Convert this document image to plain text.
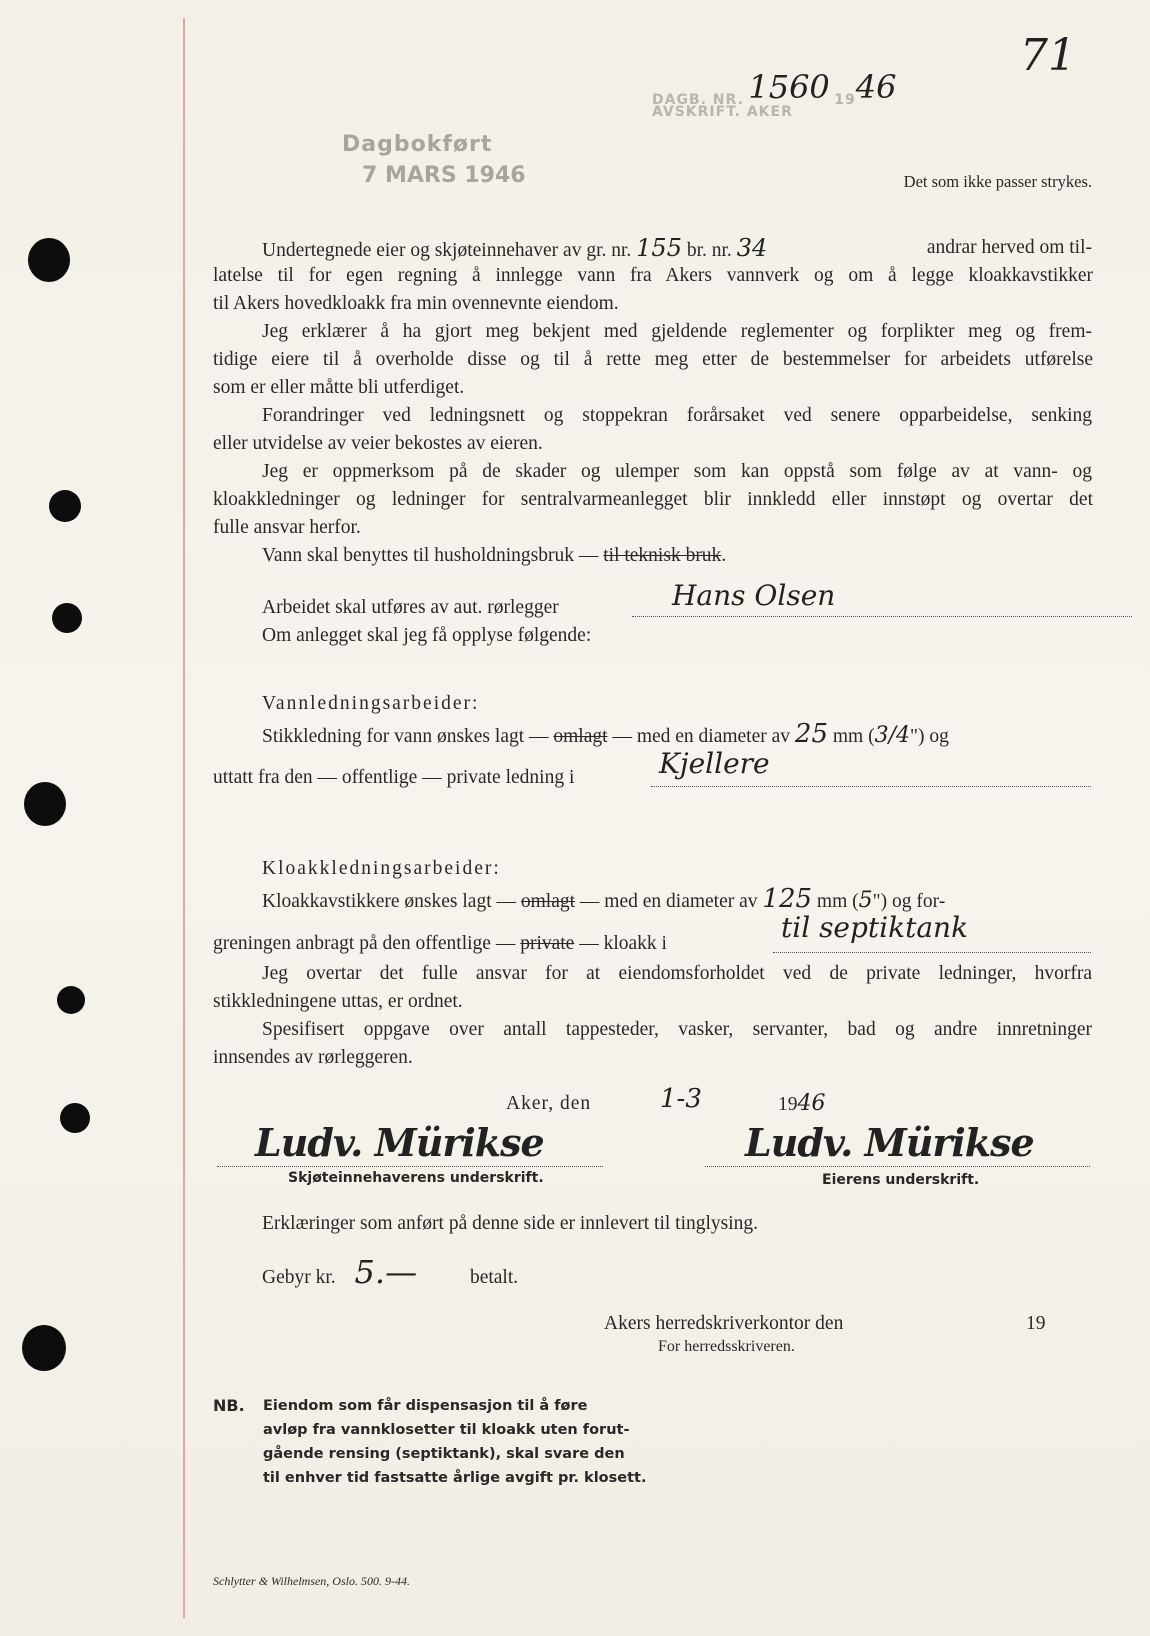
71
DAGB. NR. 1560 1946
AVSKRIFT. AKER
Dagbokført
7 MARS 1946	Det som ikke passer strykes.
Undertegnede eier og skjøteinnehaver av gr. nr. 155 br. nr. 34	andrar herved om til-
latelse til for egen regning å innlegge vann fra Akers vannverk og om å legge kloakkavstikker
til Akers hovedkloakk fra min ovennevnte eiendom.
Jeg erklærer å ha gjort meg bekjent med gjeldende reglementer og forplikter meg og frem-
tidige eiere til å overholde disse og til å rette meg etter de bestemmelser for arbeidets utførelse
som er eller måtte bli utferdiget.
Forandringer ved ledningsnett og stoppekran forårsaket ved senere opparbeidelse, senking
eller utvidelse av veier bekostes av eieren.
Jeg er oppmerksom på de skader og ulemper som kan oppstå som følge av at vann- og
kloakkledninger og ledninger for sentralvarmeanlegget blir innkledd eller innstøpt og overtar det
fulle ansvar herfor.
Vann skal benyttes til husholdningsbruk — til teknisk bruk.
Arbeidet skal utføres av aut. rørlegger	Hans Olsen
Om anlegget skal jeg få opplyse følgende:
Vannledningsarbeider:
Stikkledning for vann ønskes lagt — omlagt — med en diameter av 25 mm (3/4") og
uttatt fra den — offentlige — private ledning i	Kjellere
Kloakkledningsarbeider:
Kloakkavstikkere ønskes lagt — omlagt — med en diameter av 125 mm (5") og for-
greningen anbragt på den offentlige — private — kloakk i	til septiktank
Jeg overtar det fulle ansvar for at eiendomsforholdet ved de private ledninger, hvorfra
stikkledningene uttas, er ordnet.
Spesifisert oppgave over antall tappesteder, vasker, servanter, bad og andre innretninger
innsendes av rørleggeren.
Aker, den	1-3	1946
Ludv. Mürikse
Skjøteinnehaverens underskrift.
Ludv. Mürikse
Eierens underskrift.
Erklæringer som anført på denne side er innlevert til tinglysing.
Gebyr kr. 5.—	betalt.
Akers herredskriverkontor den	19
For herredsskriveren.
NB. Eiendom som får dispensasjon til å føre
avløp fra vannklosetter til kloakk uten forut-
gående rensing (septiktank), skal svare den
til enhver tid fastsatte årlige avgift pr. klosett.
Schlytter & Wilhelmsen, Oslo. 500. 9-44.
